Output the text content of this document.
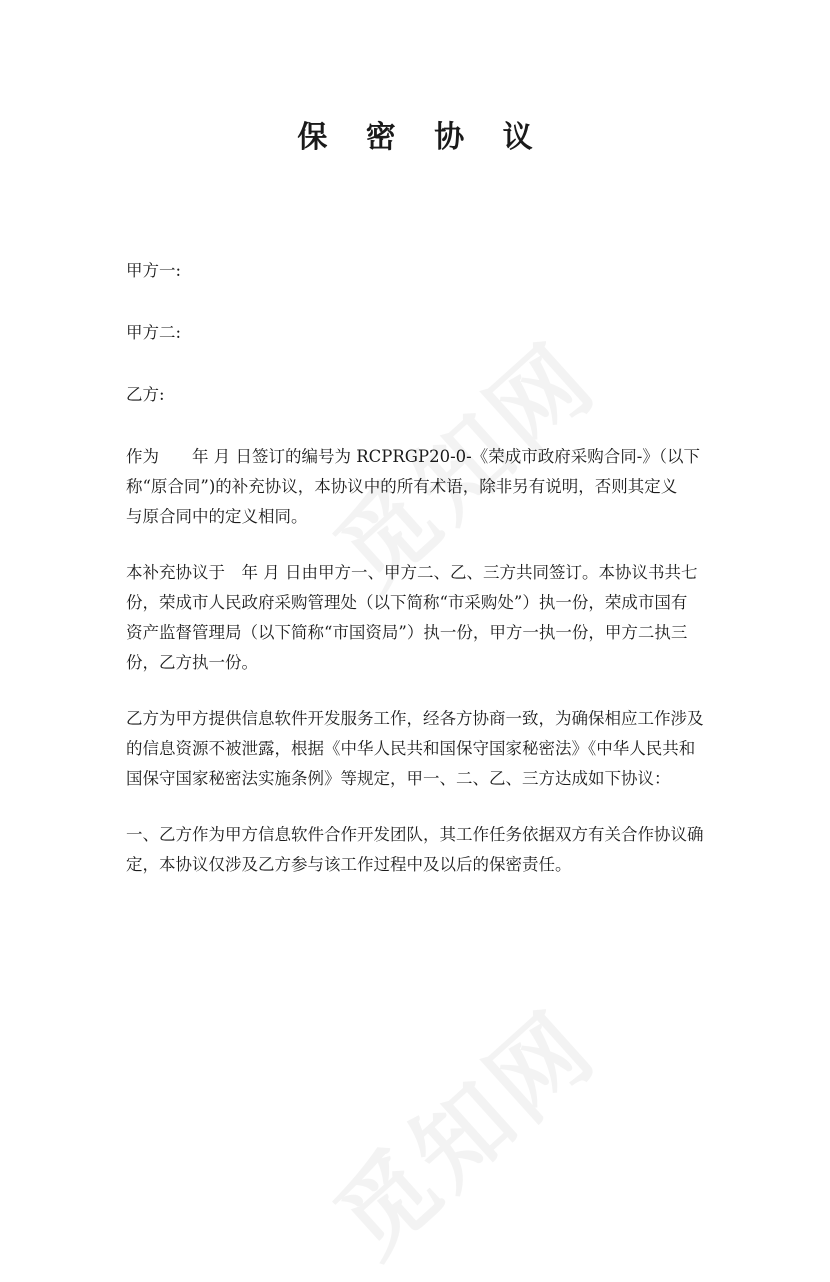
保 密 协 议

甲方一:

甲方二:

乙方:

作为　　年 月 日签订的编号为 RCPRGP20-0-《荣成市政府采购合同-》（以下
称“原合同”)的补充协议，本协议中的所有术语，除非另有说明，否则其定义
与原合同中的定义相同。

本补充协议于　年 月 日由甲方一、甲方二、乙、三方共同签订。本协议书共七
份，荣成市人民政府采购管理处（以下简称“市采购处”）执一份，荣成市国有
资产监督管理局（以下简称“市国资局”）执一份，甲方一执一份，甲方二执三
份，乙方执一份。

乙方为甲方提供信息软件开发服务工作，经各方协商一致，为确保相应工作涉及
的信息资源不被泄露，根据《中华人民共和国保守国家秘密法》《中华人民共和
国保守国家秘密法实施条例》等规定，甲一、二、乙、三方达成如下协议：

一、乙方作为甲方信息软件合作开发团队，其工作任务依据双方有关合作协议确
定，本协议仅涉及乙方参与该工作过程中及以后的保密责任。
